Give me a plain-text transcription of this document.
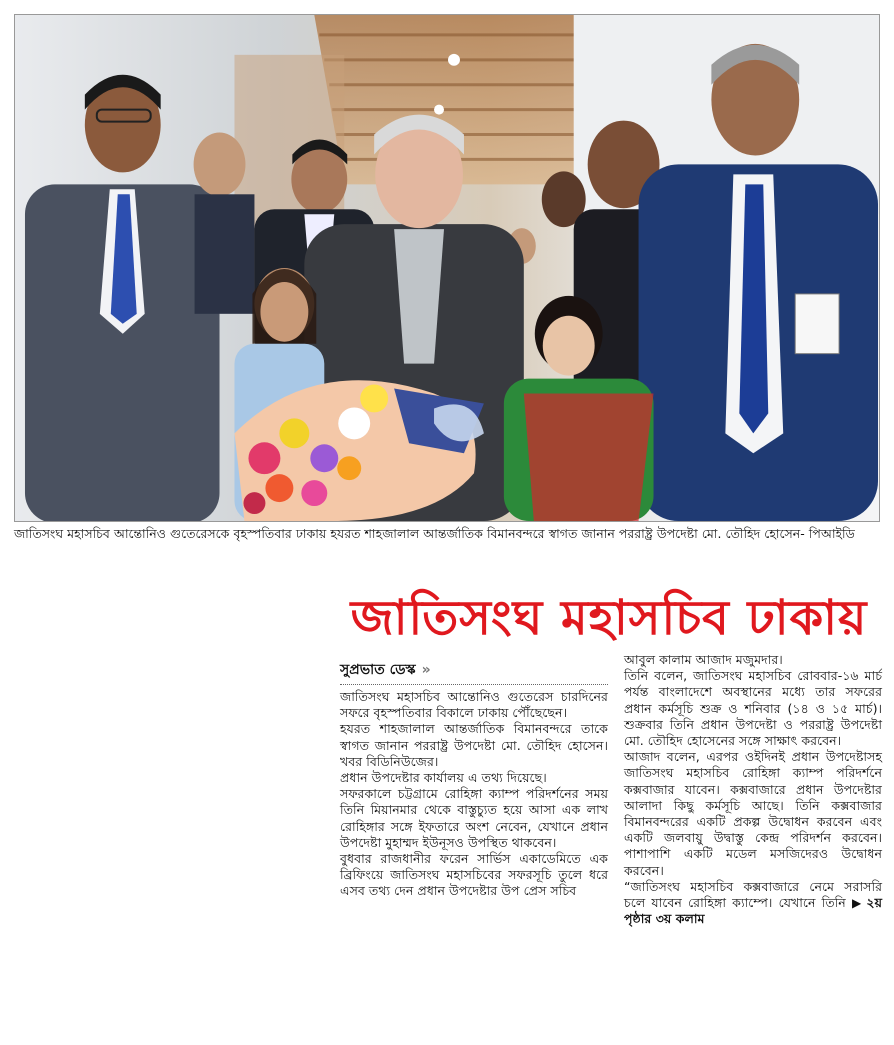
জাতিসংঘ মহাসচিব আন্তোনিও গুতেরেসকে বৃহস্পতিবার ঢাকায় হযরত শাহজালাল আন্তর্জাতিক বিমানবন্দরে স্বাগত জানান পররাষ্ট্র উপদেষ্টা মো. তৌহিদ হোসেন- পিআইডি
জাতিসংঘ মহাসচিব ঢাকায়
সুপ্রভাত ডেস্ক »

জাতিসংঘ মহাসচিব আন্তোনিও গুতেরেস চারদিনের সফরে বৃহস্পতিবার বিকালে ঢাকায় পৌঁছেছেন।

হযরত শাহজালাল আন্তর্জাতিক বিমানবন্দরে তাকে স্বাগত জানান পররাষ্ট্র উপদেষ্টা মো. তৌহিদ হোসেন। খবর বিডিনিউজের।

প্রধান উপদেষ্টার কার্যালয় এ তথ্য দিয়েছে।

সফরকালে চট্টগ্রামে রোহিঙ্গা ক্যাম্প পরিদর্শনের সময় তিনি মিয়ানমার থেকে বাস্তুচ্যুত হয়ে আসা এক লাখ রোহিঙ্গার সঙ্গে ইফতারে অংশ নেবেন, যেখানে প্রধান উপদেষ্টা মুহাম্মদ ইউনূসও উপস্থিত থাকবেন।

বুধবার রাজধানীর ফরেন সার্ভিস একাডেমিতে এক ব্রিফিংয়ে জাতিসংঘ মহাসচিবের সফরসূচি তুলে ধরে এসব তথ্য দেন প্রধান উপদেষ্টার উপ প্রেস সচিব

আবুল কালাম আজাদ মজুমদার।

তিনি বলেন, জাতিসংঘ মহাসচিব রোববার-১৬ মার্চ পর্যন্ত বাংলাদেশে অবস্থানের মধ্যে তার সফরের প্রধান কর্মসূচি শুক্র ও শনিবার (১৪ ও ১৫ মার্চ)। শুক্রবার তিনি প্রধান উপদেষ্টা ও পররাষ্ট্র উপদেষ্টা মো. তৌহিদ হোসেনের সঙ্গে সাক্ষাৎ করবেন।

আজাদ বলেন, এরপর ওইদিনই প্রধান উপদেষ্টাসহ জাতিসংঘ মহাসচিব রোহিঙ্গা ক্যাম্প পরিদর্শনে কক্সবাজার যাবেন। কক্সবাজারে প্রধান উপদেষ্টার আলাদা কিছু কর্মসূচি আছে। তিনি কক্সবাজার বিমানবন্দরের একটি প্রকল্প উদ্বোধন করবেন এবং একটি জলবায়ু উদ্বাস্তু কেন্দ্র পরিদর্শন করবেন। পাশাপাশি একটি মডেল মসজিদেরও উদ্বোধন করবেন।

“জাতিসংঘ মহাসচিব কক্সবাজারে নেমে সরাসরি চলে যাবেন রোহিঙ্গা ক্যাম্পে। যেখানে তিনি ▶ ২য় পৃষ্ঠার ৩য় কলাম
